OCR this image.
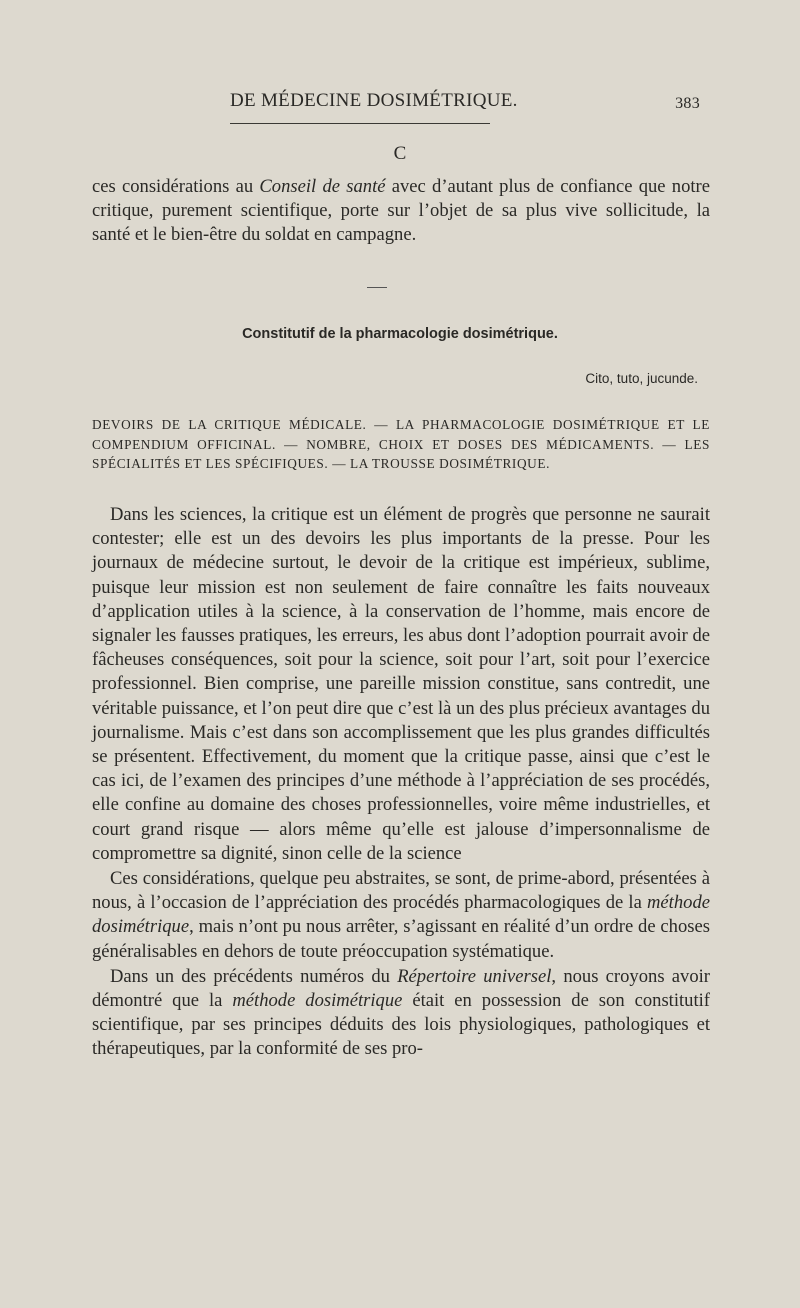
DE MÉDECINE DOSIMÉTRIQUE.	383
C
ces considérations au Conseil de santé avec d’autant plus de confiance que notre critique, purement scientifique, porte sur l’objet de sa plus vive sollicitude, la santé et le bien-être du soldat en campagne.
Constitutif de la pharmacologie dosimétrique.
Cito, tuto, jucunde.
DEVOIRS DE LA CRITIQUE MÉDICALE. — LA PHARMACOLOGIE DOSIMÉTRIQUE ET LE COMPENDIUM OFFICINAL. — NOMBRE, CHOIX ET DOSES DES MÉDICAMENTS. — LES SPÉCIALITÉS ET LES SPÉCIFIQUES. — LA TROUSSE DOSIMÉTRIQUE.

Dans les sciences, la critique est un élément de progrès que personne ne saurait contester; elle est un des devoirs les plus importants de la presse. Pour les journaux de médecine surtout, le devoir de la critique est impérieux, sublime, puisque leur mission est non seulement de faire connaître les faits nouveaux d’application utiles à la science, à la conservation de l’homme, mais encore de signaler les fausses pratiques, les erreurs, les abus dont l’adoption pourrait avoir de fâcheuses conséquences, soit pour la science, soit pour l’art, soit pour l’exercice professionnel. Bien comprise, une pareille mission constitue, sans contredit, une véritable puissance, et l’on peut dire que c’est là un des plus précieux avantages du journalisme. Mais c’est dans son accomplissement que les plus grandes difficultés se présentent. Effectivement, du moment que la critique passe, ainsi que c’est le cas ici, de l’examen des principes d’une méthode à l’appréciation de ses procédés, elle confine au domaine des choses professionnelles, voire même industrielles, et court grand risque — alors même qu’elle est jalouse d’impersonnalisme de compromettre sa dignité, sinon celle de la science

Ces considérations, quelque peu abstraites, se sont, de prime-abord, présentées à nous, à l’occasion de l’appréciation des procédés pharmacologiques de la méthode dosimétrique, mais n’ont pu nous arrêter, s’agissant en réalité d’un ordre de choses généralisables en dehors de toute préoccupation systématique.

Dans un des précédents numéros du Répertoire universel, nous croyons avoir démontré que la méthode dosimétrique était en possession de son constitutif scientifique, par ses principes déduits des lois physiologiques, pathologiques et thérapeutiques, par la conformité de ses pro-
